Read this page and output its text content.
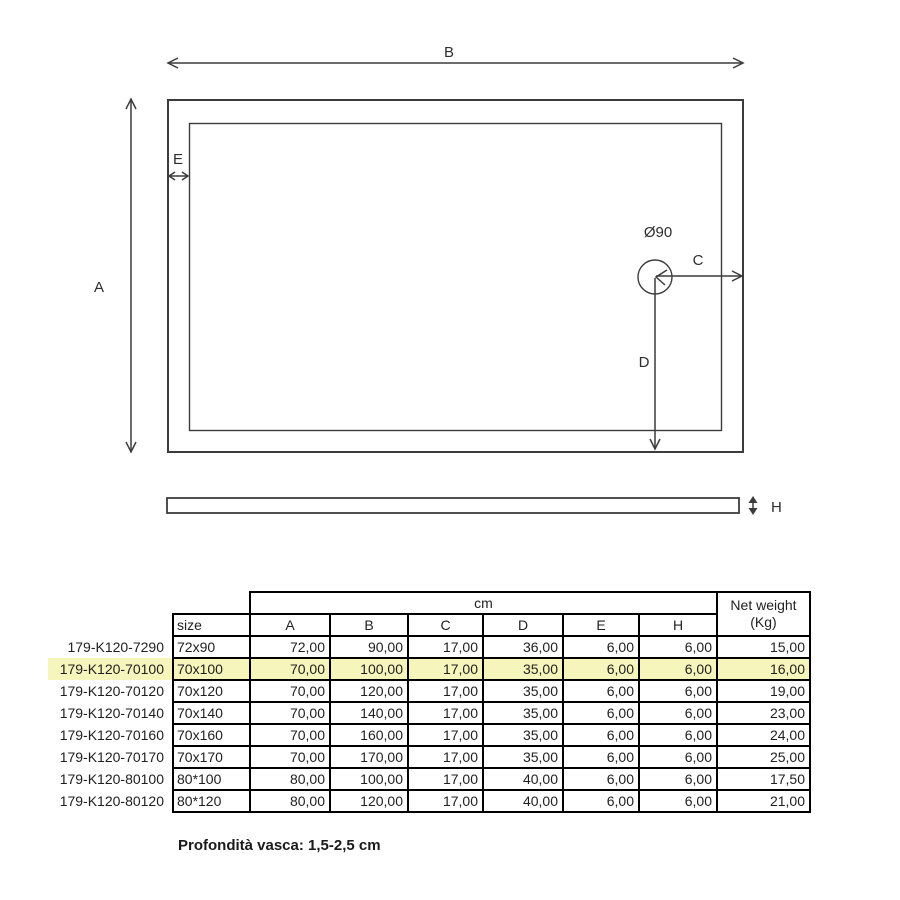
B
A
E
Ø90
C
D
H
		cm						Net weight
(Kg)

	size	A	B	C	D	E	H	
179-K120-7290	72x90	72,00	90,00	17,00	36,00	6,00	6,00	15,00
179-K120-70100	70x100	70,00	100,00	17,00	35,00	6,00	6,00	16,00
179-K120-70120	70x120	70,00	120,00	17,00	35,00	6,00	6,00	19,00
179-K120-70140	70x140	70,00	140,00	17,00	35,00	6,00	6,00	23,00
179-K120-70160	70x160	70,00	160,00	17,00	35,00	6,00	6,00	24,00
179-K120-70170	70x170	70,00	170,00	17,00	35,00	6,00	6,00	25,00
179-K120-80100	80*100	80,00	100,00	17,00	40,00	6,00	6,00	17,50
179-K120-80120	80*120	80,00	120,00	17,00	40,00	6,00	6,00	21,00
Profondità vasca: 1,5-2,5 cm
